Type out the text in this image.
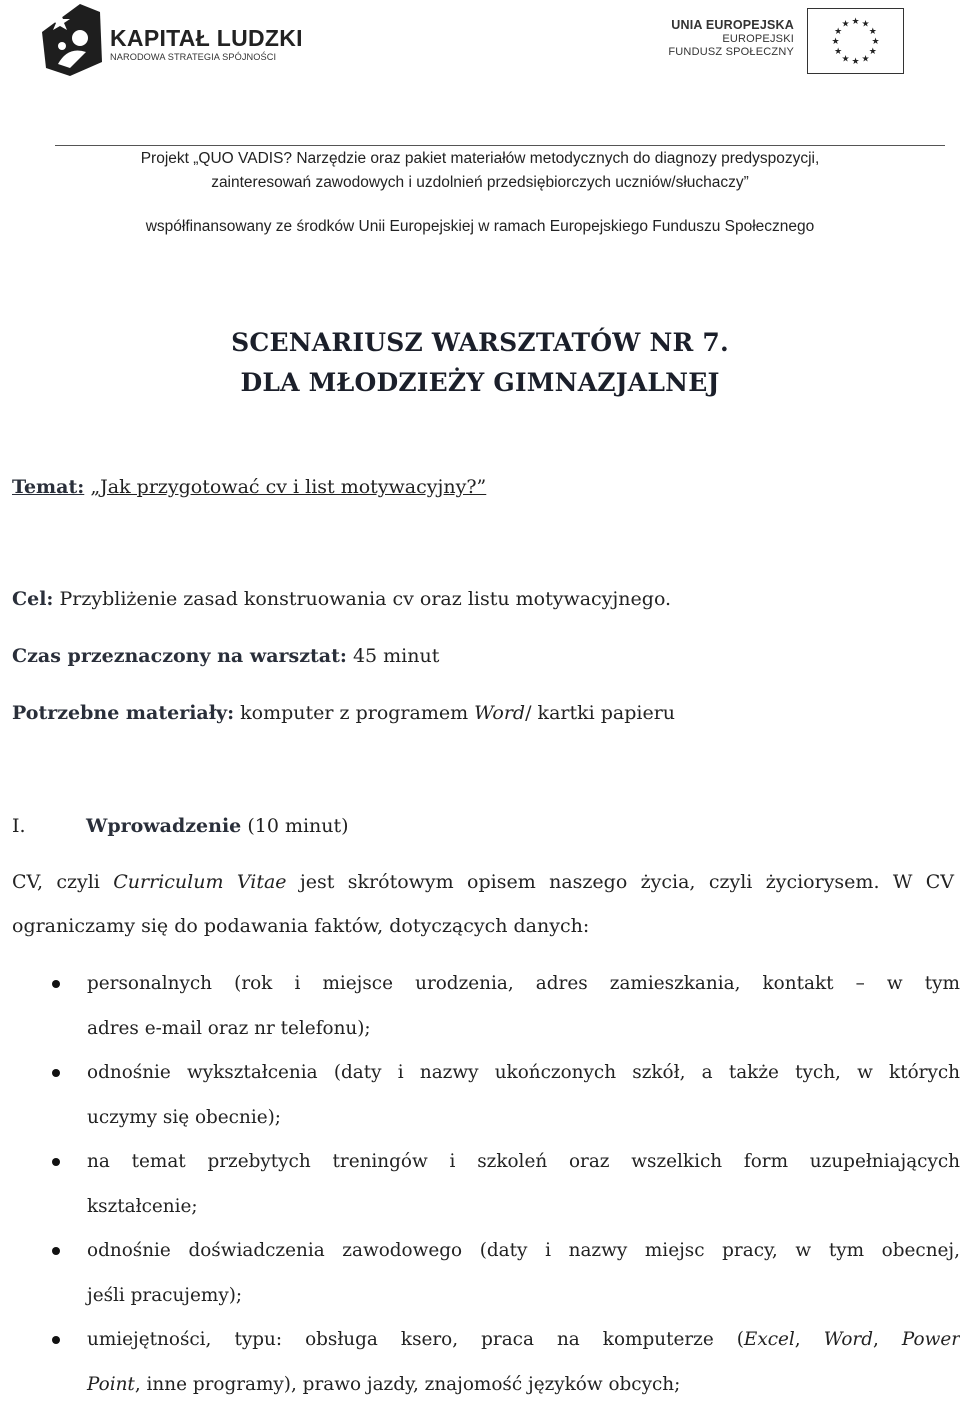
KAPITAŁ LUDZKI
NARODOWA STRATEGIA SPÓJNOŚCI
UNIA EUROPEJSKA
EUROPEJSKI
FUNDUSZ SPOŁECZNY
★ ★
★
★
★
★
★
★
★
★
★
★
Projekt „QUO VADIS? Narzędzie oraz pakiet materiałów metodycznych do diagnozy predyspozycji,
zainteresowań zawodowych i uzdolnień przedsiębiorczych uczniów/słuchaczy”
współfinansowany ze środków Unii Europejskiej w ramach Europejskiego Funduszu Społecznego
SCENARIUSZ WARSZTATÓW NR 7.
DLA MŁODZIEŻY GIMNAZJALNEJ
Temat: „Jak przygotować cv i list motywacyjny?”
Cel: Przybliżenie zasad konstruowania cv oraz listu motywacyjnego.
Czas przeznaczony na warsztat: 45 minut
Potrzebne materiały: komputer z programem Word/ kartki papieru
I.	Wprowadzenie (10 minut)
CV, czyli Curriculum Vitae jest skrótowym opisem naszego życia, czyli życiorysem. W CV
ograniczamy się do podawania faktów, dotyczących danych:
personalnych (rok i miejsce urodzenia, adres zamieszkania, kontakt – w tym
adres e-mail oraz nr telefonu);
odnośnie wykształcenia (daty i nazwy ukończonych szkół, a także tych, w których
uczymy się obecnie);
na temat przebytych treningów i szkoleń oraz wszelkich form uzupełniających
kształcenie;
odnośnie doświadczenia zawodowego (daty i nazwy miejsc pracy, w tym obecnej,
jeśli pracujemy);
umiejętności, typu: obsługa ksero, praca na komputerze (Excel, Word, Power
Point, inne programy), prawo jazdy, znajomość języków obcych;
